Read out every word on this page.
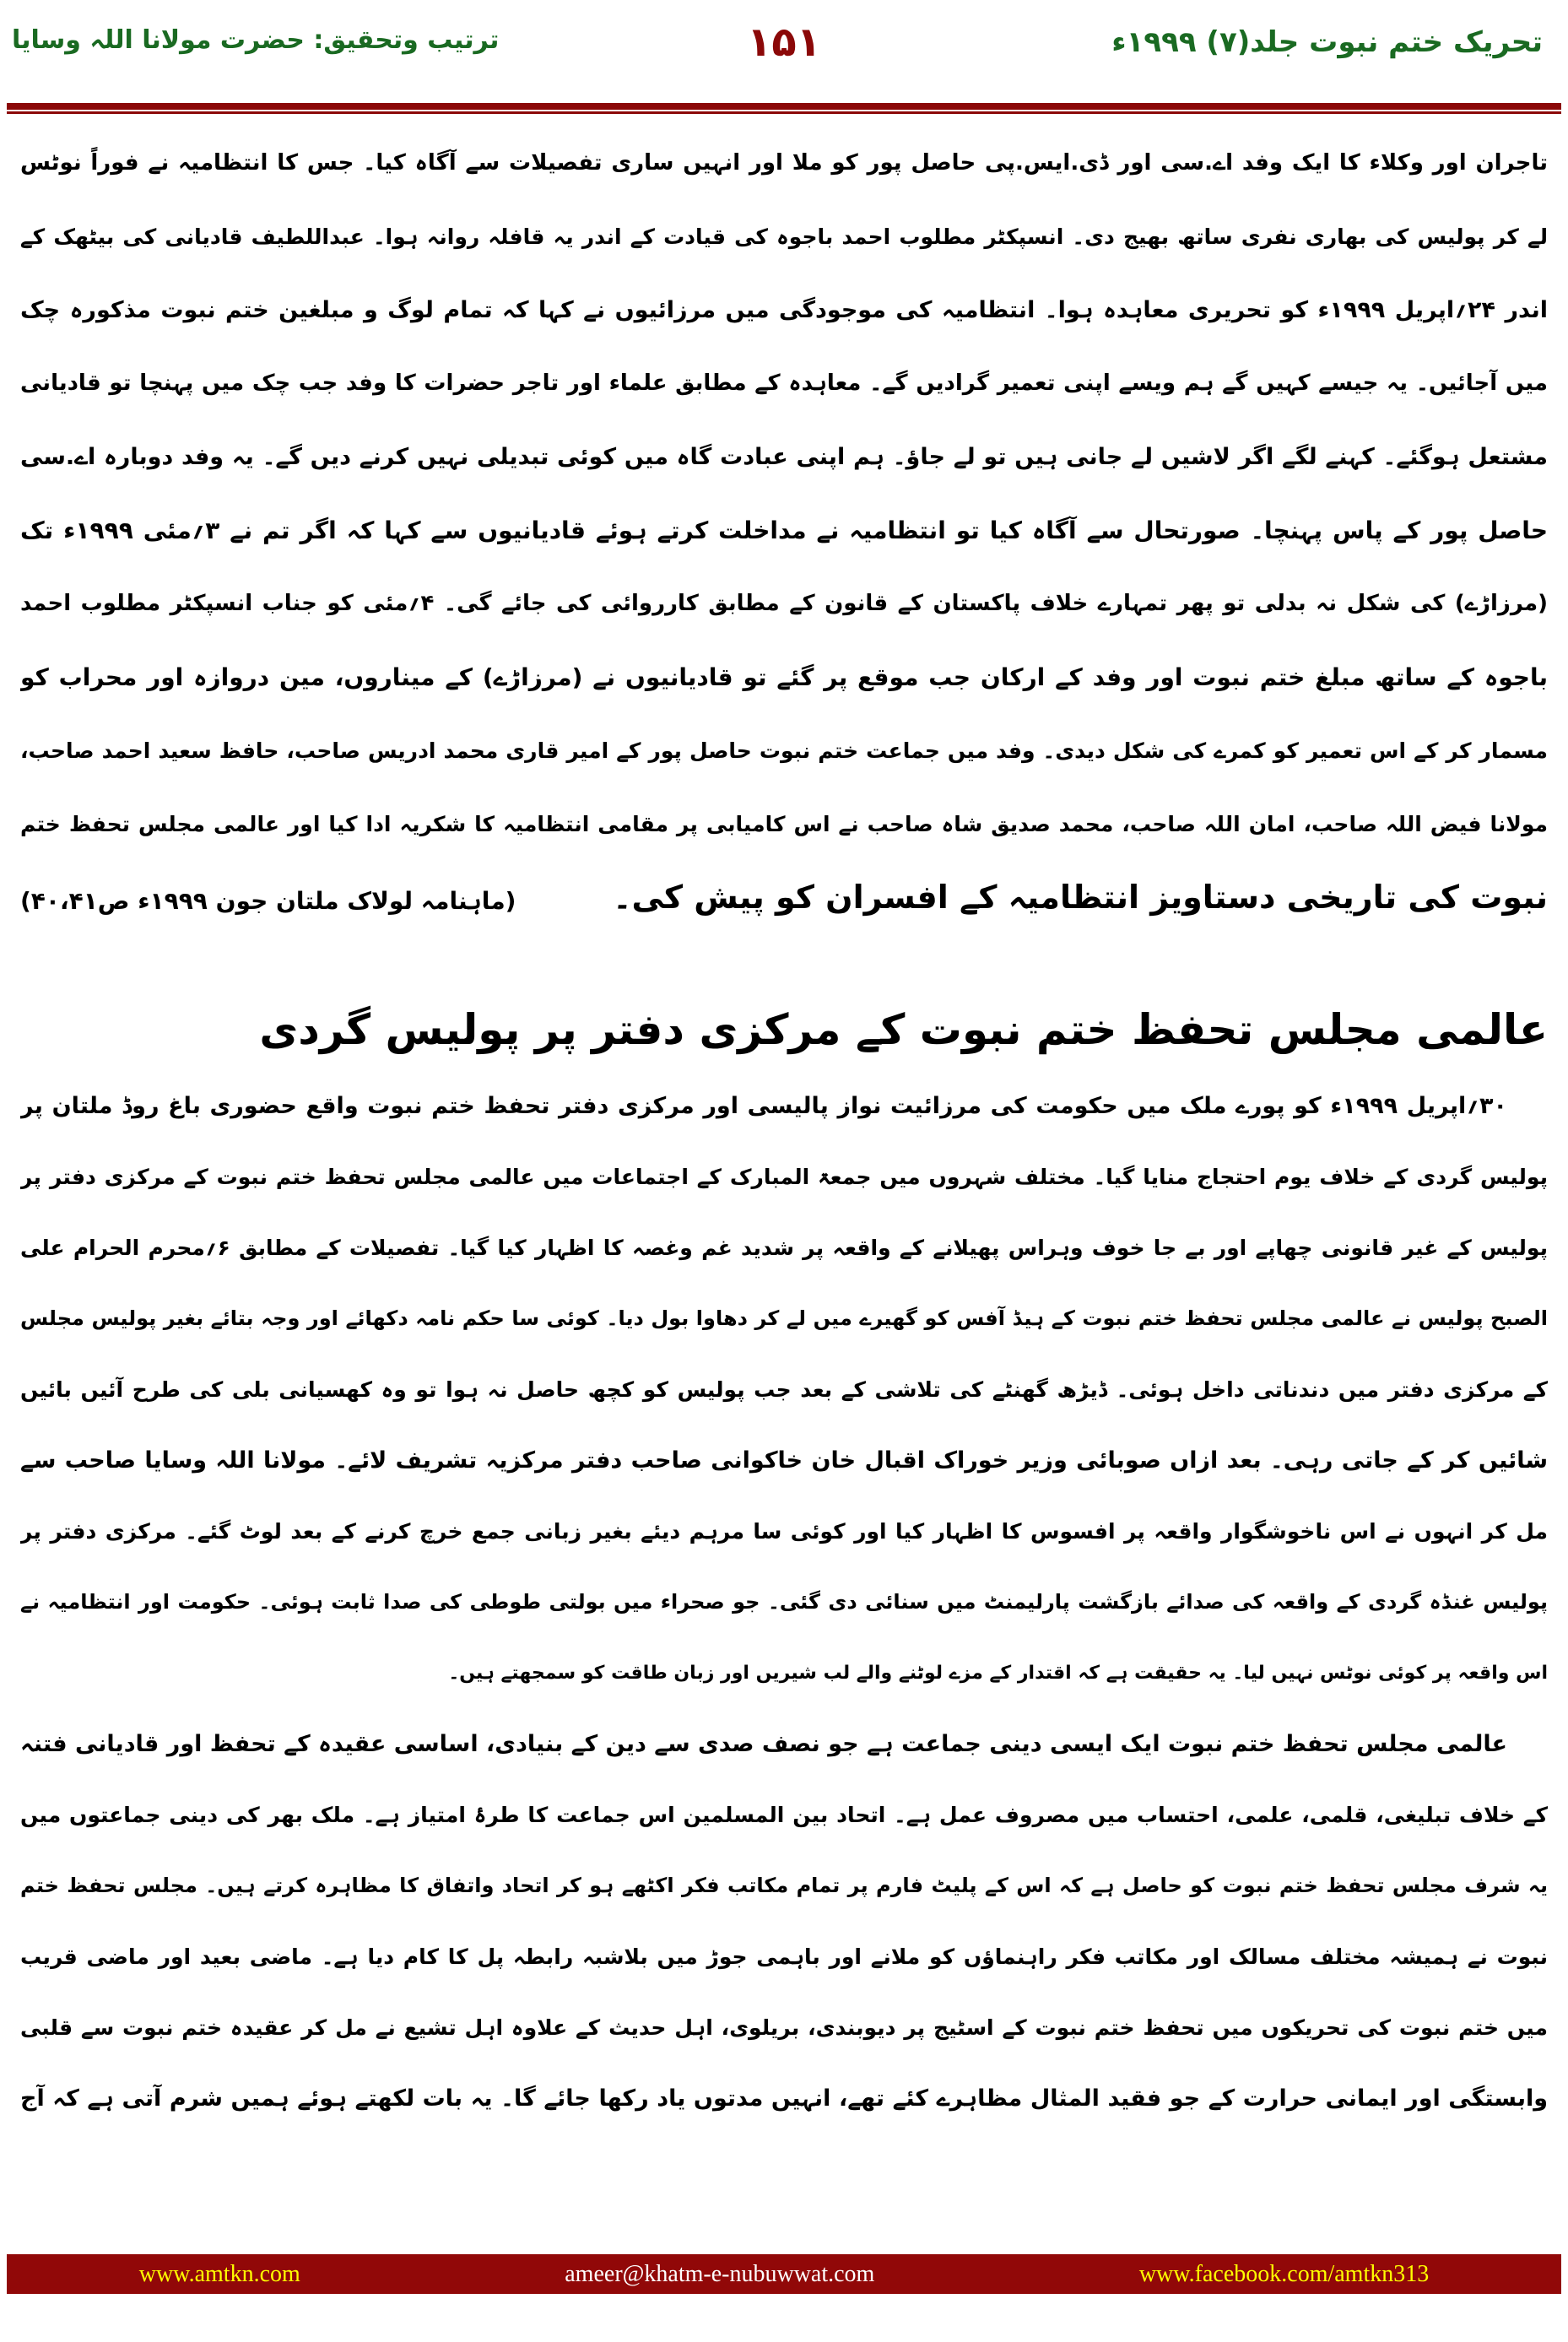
تحریک ختم نبوت جلد(۷) ۱۹۹۹ء
۱۵۱
ترتیب وتحقیق: حضرت مولانا اللہ وسایا
تاجران اور وکلاء کا ایک وفد اے.سی اور ڈی.ایس.پی حاصل پور کو ملا اور انہیں ساری تفصیلات سے آگاہ کیا۔ جس کا انتظامیہ نے فوراً نوٹس
لے کر پولیس کی بھاری نفری ساتھ بھیج دی۔ انسپکٹر مطلوب احمد باجوہ کی قیادت کے اندر یہ قافلہ روانہ ہوا۔ عبداللطیف قادیانی کی بیٹھک کے
اندر ۲۴؍اپریل ۱۹۹۹ء کو تحریری معاہدہ ہوا۔ انتظامیہ کی موجودگی میں مرزائیوں نے کہا کہ تمام لوگ و مبلغین ختم نبوت مذکورہ چک
میں آجائیں۔ یہ جیسے کہیں گے ہم ویسے اپنی تعمیر گرادیں گے۔ معاہدہ کے مطابق علماء اور تاجر حضرات کا وفد جب چک میں پہنچا تو قادیانی
مشتعل ہوگئے۔ کہنے لگے اگر لاشیں لے جانی ہیں تو لے جاؤ۔ ہم اپنی عبادت گاہ میں کوئی تبدیلی نہیں کرنے دیں گے۔ یہ وفد دوبارہ اے.سی
حاصل پور کے پاس پہنچا۔ صورتحال سے آگاہ کیا تو انتظامیہ نے مداخلت کرتے ہوئے قادیانیوں سے کہا کہ اگر تم نے ۳؍مئی ۱۹۹۹ء تک
(مرزاڑے) کی شکل نہ بدلی تو پھر تمہارے خلاف پاکستان کے قانون کے مطابق کارروائی کی جائے گی۔ ۴؍مئی کو جناب انسپکٹر مطلوب احمد
باجوہ کے ساتھ مبلغ ختم نبوت اور وفد کے ارکان جب موقع پر گئے تو قادیانیوں نے (مرزاڑے) کے میناروں، مین دروازہ اور محراب کو
مسمار کر کے اس تعمیر کو کمرے کی شکل دیدی۔ وفد میں جماعت ختم نبوت حاصل پور کے امیر قاری محمد ادریس صاحب، حافظ سعید احمد صاحب،
مولانا فیض اللہ صاحب، امان اللہ صاحب، محمد صدیق شاہ صاحب نے اس کامیابی پر مقامی انتظامیہ کا شکریہ ادا کیا اور عالمی مجلس تحفظ ختم
نبوت کی تاریخی دستاویز انتظامیہ کے افسران کو پیش کی۔
(ماہنامہ لولاک ملتان جون ۱۹۹۹ء ص۴۰،۴۱)
عالمی مجلس تحفظ ختم نبوت کے مرکزی دفتر پر پولیس گردی
۳۰؍اپریل ۱۹۹۹ء کو پورے ملک میں حکومت کی مرزائیت نواز پالیسی اور مرکزی دفتر تحفظ ختم نبوت واقع حضوری باغ روڈ ملتان پر
پولیس گردی کے خلاف یوم احتجاج منایا گیا۔ مختلف شہروں میں جمعۃ المبارک کے اجتماعات میں عالمی مجلس تحفظ ختم نبوت کے مرکزی دفتر پر
پولیس کے غیر قانونی چھاپے اور بے جا خوف وہراس پھیلانے کے واقعہ پر شدید غم وغصہ کا اظہار کیا گیا۔ تفصیلات کے مطابق ۶؍محرم الحرام علی
الصبح پولیس نے عالمی مجلس تحفظ ختم نبوت کے ہیڈ آفس کو گھیرے میں لے کر دھاوا بول دیا۔ کوئی سا حکم نامہ دکھائے اور وجہ بتائے بغیر پولیس مجلس
کے مرکزی دفتر میں دندناتی داخل ہوئی۔ ڈیڑھ گھنٹے کی تلاشی کے بعد جب پولیس کو کچھ حاصل نہ ہوا تو وہ کھسیانی بلی کی طرح آئیں بائیں
شائیں کر کے جاتی رہی۔ بعد ازاں صوبائی وزیر خوراک اقبال خان خاکوانی صاحب دفتر مرکزیہ تشریف لائے۔ مولانا اللہ وسایا صاحب سے
مل کر انہوں نے اس ناخوشگوار واقعہ پر افسوس کا اظہار کیا اور کوئی سا مرہم دیئے بغیر زبانی جمع خرچ کرنے کے بعد لوٹ گئے۔ مرکزی دفتر پر
پولیس غنڈہ گردی کے واقعہ کی صدائے بازگشت پارلیمنٹ میں سنائی دی گئی۔ جو صحراء میں بولتی طوطی کی صدا ثابت ہوئی۔ حکومت اور انتظامیہ نے
اس واقعہ پر کوئی نوٹس نہیں لیا۔ یہ حقیقت ہے کہ اقتدار کے مزے لوٹنے والے لب شیریں اور زبان طاقت کو سمجھتے ہیں۔
عالمی مجلس تحفظ ختم نبوت ایک ایسی دینی جماعت ہے جو نصف صدی سے دین کے بنیادی، اساسی عقیدہ کے تحفظ اور قادیانی فتنہ
کے خلاف تبلیغی، قلمی، علمی، احتساب میں مصروف عمل ہے۔ اتحاد بین المسلمین اس جماعت کا طرۂ امتیاز ہے۔ ملک بھر کی دینی جماعتوں میں
یہ شرف مجلس تحفظ ختم نبوت کو حاصل ہے کہ اس کے پلیٹ فارم پر تمام مکاتب فکر اکٹھے ہو کر اتحاد واتفاق کا مظاہرہ کرتے ہیں۔ مجلس تحفظ ختم
نبوت نے ہمیشہ مختلف مسالک اور مکاتب فکر راہنماؤں کو ملانے اور باہمی جوڑ میں بلاشبہ رابطہ پل کا کام دیا ہے۔ ماضی بعید اور ماضی قریب
میں ختم نبوت کی تحریکوں میں تحفظ ختم نبوت کے اسٹیج پر دیوبندی، بریلوی، اہل حدیث کے علاوہ اہل تشیع نے مل کر عقیدہ ختم نبوت سے قلبی
وابستگی اور ایمانی حرارت کے جو فقید المثال مظاہرے کئے تھے، انہیں مدتوں یاد رکھا جائے گا۔ یہ بات لکھتے ہوئے ہمیں شرم آتی ہے کہ آج
www.amtkn.com	ameer@khatm-e-nubuwwat.com	www.facebook.com/amtkn313
